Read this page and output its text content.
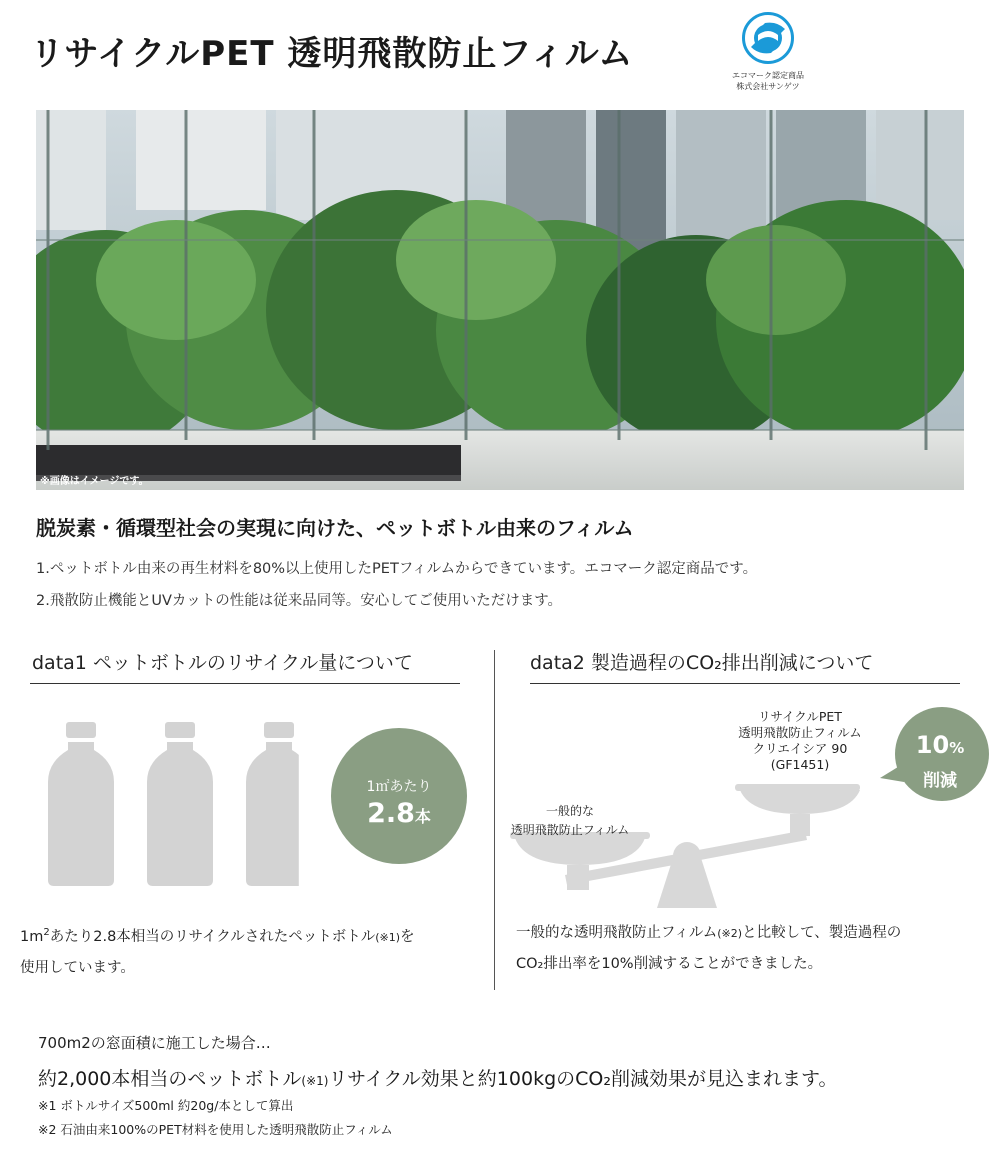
リサイクルPET 透明飛散防止フィルム
エコマーク認定商品
株式会社サンゲツ
※画像はイメージです。
脱炭素・循環型社会の実現に向けた、ペットボトル由来のフィルム
1.ペットボトル由来の再生材料を80%以上使用したPETフィルムからできています。エコマーク認定商品です。
2.飛散防止機能とUVカットの性能は従来品同等。安心してご使用いただけます。
data1 ペットボトルのリサイクル量について
1㎡あたり
2.8本
$1m^2$あたり2.8本相当のリサイクルされたペットボトル(※1)を
使用しています。
data2 製造過程のCO₂排出削減について
リサイクルPET
透明飛散防止フィルム
クリエイシア 90
(GF1451)
一般的な
透明飛散防止フィルム
10%
削減
一般的な透明飛散防止フィルム(※2)と比較して、製造過程の
CO₂排出率を10%削減することができました。
700m2の窓面積に施工した場合…
約2,000本相当のペットボトル(※1)リサイクル効果と約100kgのCO₂削減効果が見込まれます。
※1 ボトルサイズ500ml 約20g/本として算出
※2 石油由来100%のPET材料を使用した透明飛散防止フィルム
